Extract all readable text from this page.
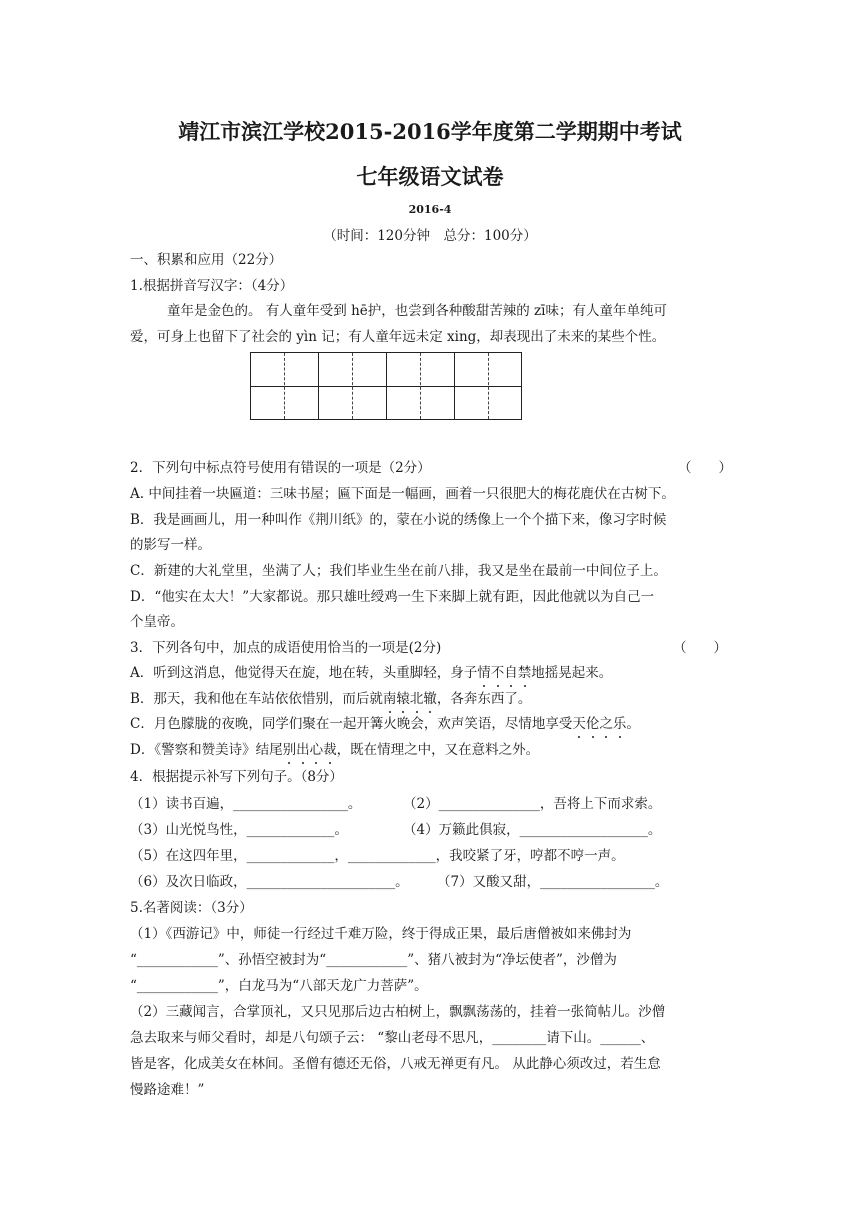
靖江市滨江学校2015-2016学年度第二学期期中考试
七年级语文试卷
2016-4
（时间：120分钟　总分：100分）
一、积累和应用（22分）
1.根据拼音写汉字：（4分）
童年是金色的。 有人童年受到 hē护，也尝到各种酸甜苦辣的 zī味；有人童年单纯可
爱，可身上也留下了社会的 yìn 记；有人童年远未定 xing，却表现出了未来的某些个性。
2．下列句中标点符号使用有错误的一项是（2分）	（　　）
A. 中间挂着一块匾道：三味书屋；匾下面是一幅画，画着一只很肥大的梅花鹿伏在古树下。
B．我是画画儿，用一种叫作《荆川纸》的，蒙在小说的绣像上一个个描下来，像习字时候
的影写一样。
C．新建的大礼堂里，坐满了人；我们毕业生坐在前八排，我又是坐在最前一中间位子上。
D．“他实在太大！”大家都说。那只雄吐绶鸡一生下来脚上就有距，因此他就以为自己一
个皇帝。
3．下列各句中，加点的成语使用恰当的一项是(2分)	（　　）
A．听到这消息，他觉得天在旋，地在转，头重脚轻，身子情不自禁地摇晃起来。
B．那天，我和他在车站依依惜别，而后就南辕北辙，各奔东西了。
C．月色朦胧的夜晚，同学们聚在一起开篝火晚会，欢声笑语，尽情地享受天伦之乐。
D．《警察和赞美诗》结尾别出心裁，既在情理之中，又在意料之外。
4．根据提示补写下列句子。（8分）
（1）读书百遍，_________________。	（2）_______________，吾将上下而求索。
（3）山光悦鸟性，_____________。	（4）万籁此俱寂，___________________。
（5）在这四年里，_____________，_____________，我咬紧了牙，哼都不哼一声。
（6）及次日临政，______________________。 （7）又酸又甜，_________________。
5.名著阅读：（3分）
（1）《西游记》中，师徒一行经过千难万险，终于得成正果，最后唐僧被如来佛封为
“____________”、孙悟空被封为“____________”、猪八被封为“净坛使者”，沙僧为
“____________”，白龙马为“八部天龙广力菩萨”。
（2）三藏闻言，合掌顶礼，又只见那后边古柏树上，飘飘荡荡的，挂着一张简帖儿。沙僧
急去取来与师父看时，却是八句颂子云： “黎山老母不思凡，________请下山。______、
皆是客，化成美女在林间。圣僧有德还无俗，八戒无禅更有凡。 从此静心须改过，若生怠
慢路途难！”
